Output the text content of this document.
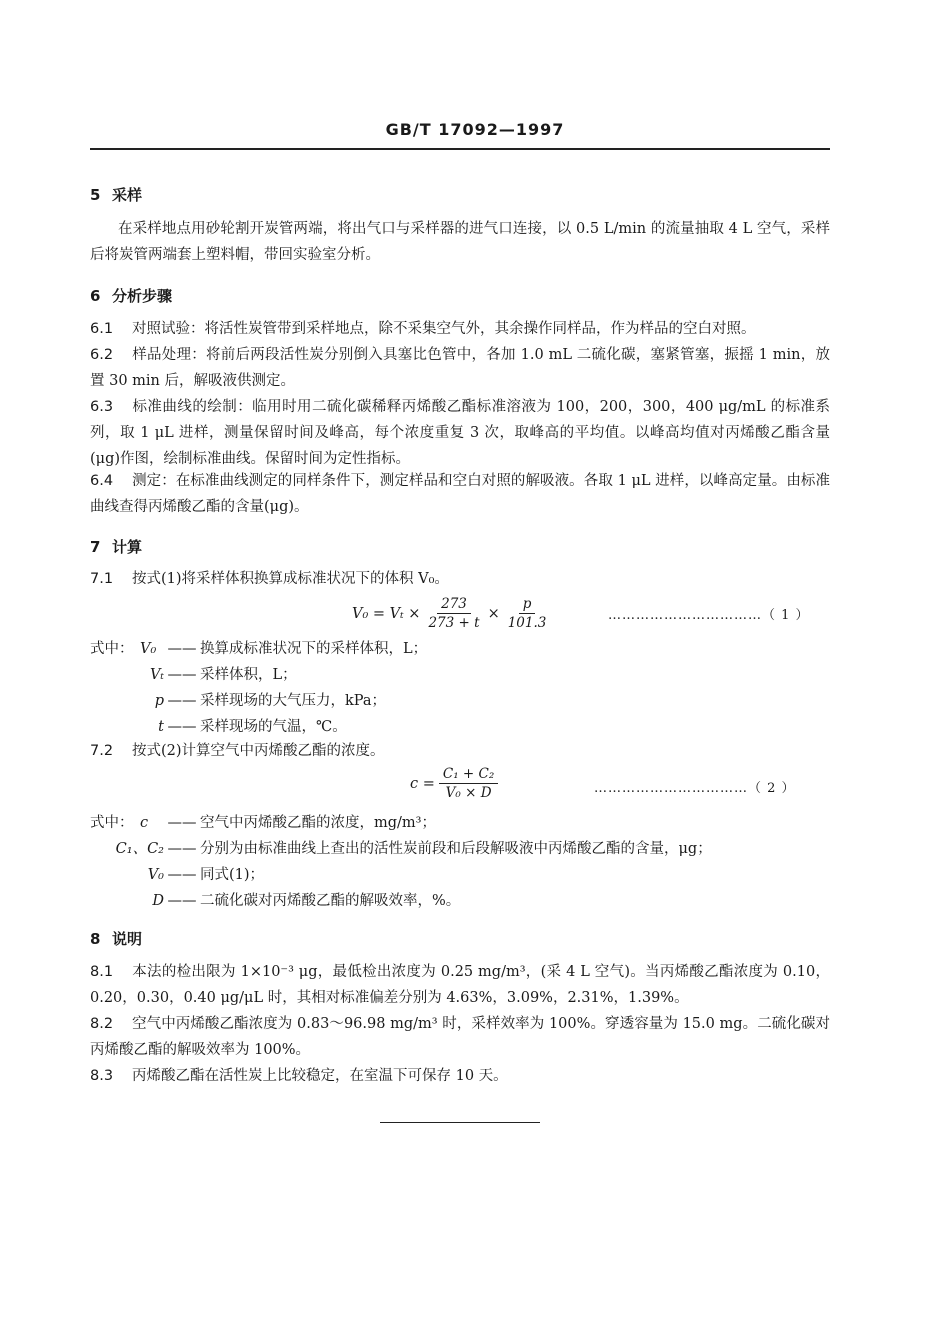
GB/T 17092—1997
5 采样
在采样地点用砂轮割开炭管两端，将出气口与采样器的进气口连接，以 0.5 L/min 的流量抽取 4 L 空气，采样后将炭管两端套上塑料帽，带回实验室分析。
6 分析步骤
6.1 对照试验：将活性炭管带到采样地点，除不采集空气外，其余操作同样品，作为样品的空白对照。
6.2 样品处理：将前后两段活性炭分别倒入具塞比色管中，各加 1.0 mL 二硫化碳，塞紧管塞，振摇 1 min，放置 30 min 后，解吸液供测定。
6.3 标准曲线的绘制：临用时用二硫化碳稀释丙烯酸乙酯标准溶液为 100，200，300，400 μg/mL 的标准系列，取 1 μL 进样，测量保留时间及峰高，每个浓度重复 3 次，取峰高的平均值。以峰高均值对丙烯酸乙酯含量(μg)作图，绘制标准曲线。保留时间为定性指标。
6.4 测定：在标准曲线测定的同样条件下，测定样品和空白对照的解吸液。各取 1 μL 进样，以峰高定量。由标准曲线查得丙烯酸乙酯的含量(μg)。
7 计算
7.1 按式(1)将采样体积换算成标准状况下的体积 V₀。
$V_0 = V_t \times \frac{273}{273 + t} \times \frac{p}{101.3}$	……………………………（ 1 ）
式中： V₀ —— 换算成标准状况下的采样体积，L；
Vₜ —— 采样体积，L；
p —— 采样现场的大气压力，kPa；
t —— 采样现场的气温，℃。
7.2 按式(2)计算空气中丙烯酸乙酯的浓度。
$c = \frac{\text{C₁ + C₂}}{\text{V₀ × D}}$	……………………………（ 2 ）
式中： c	—— 空气中丙烯酸乙酯的浓度，mg/m³；
C₁、C₂ —— 分别为由标准曲线上查出的活性炭前段和后段解吸液中丙烯酸乙酯的含量，μg；
V₀ —— 同式(1)；
D —— 二硫化碳对丙烯酸乙酯的解吸效率，%。
8 说明
8.1 本法的检出限为 1×10⁻³ μg，最低检出浓度为 0.25 mg/m³，(采 4 L 空气)。当丙烯酸乙酯浓度为 0.10，0.20，0.30，0.40 μg/μL 时，其相对标准偏差分别为 4.63%，3.09%，2.31%，1.39%。
8.2 空气中丙烯酸乙酯浓度为 0.83～96.98 mg/m³ 时，采样效率为 100%。穿透容量为 15.0 mg。二硫化碳对丙烯酸乙酯的解吸效率为 100%。
8.3 丙烯酸乙酯在活性炭上比较稳定，在室温下可保存 10 天。
